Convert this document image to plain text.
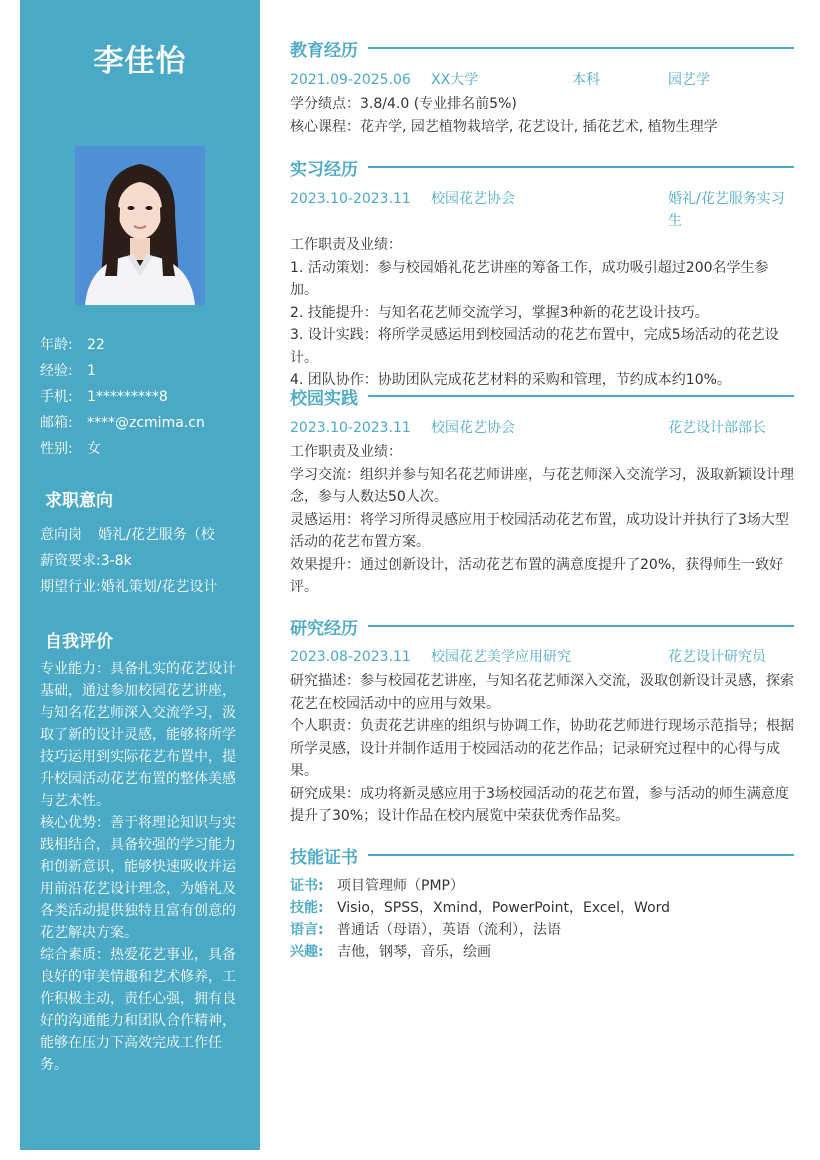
李佳怡
年龄: 22
经验: 1
手机: 1*********8
邮箱: ****@zcmima.cn
性别: 女
求职意向
意向岗 婚礼/花艺服务（校
薪资要求:3-8k
期望行业:婚礼策划/花艺设计
自我评价

专业能力：具备扎实的花艺设计基础，通过参加校园花艺讲座，与知名花艺师深入交流学习，汲取了新的设计灵感，能够将所学技巧运用到实际花艺布置中，提升校园活动花艺布置的整体美感与艺术性。

核心优势：善于将理论知识与实践相结合，具备较强的学习能力和创新意识，能够快速吸收并运用前沿花艺设计理念，为婚礼及各类活动提供独特且富有创意的花艺解决方案。

综合素质：热爱花艺事业，具备良好的审美情趣和艺术修养，工作积极主动，责任心强，拥有良好的沟通能力和团队合作精神，能够在压力下高效完成工作任务。

教育经历
2021.09-2025.06 XX大学	本科	园艺学
学分绩点：3.8/4.0 (专业排名前5%)
核心课程：花卉学, 园艺植物栽培学, 花艺设计, 插花艺术, 植物生理学
实习经历
2023.10-2023.11 校园花艺协会	婚礼/花艺服务实习生
工作职责及业绩：
1. 活动策划：参与校园婚礼花艺讲座的筹备工作，成功吸引超过200名学生参加。
2. 技能提升：与知名花艺师交流学习，掌握3种新的花艺设计技巧。
3. 设计实践：将所学灵感运用到校园活动的花艺布置中，完成5场活动的花艺设计。
4. 团队协作：协助团队完成花艺材料的采购和管理，节约成本约10%。
校园实践
2023.10-2023.11 校园花艺协会	花艺设计部部长
工作职责及业绩：
学习交流：组织并参与知名花艺师讲座，与花艺师深入交流学习，汲取新颖设计理念，参与人数达50人次。
灵感运用：将学习所得灵感应用于校园活动花艺布置，成功设计并执行了3场大型活动的花艺布置方案。
效果提升：通过创新设计，活动花艺布置的满意度提升了20%，获得师生一致好评。
研究经历
2023.08-2023.11 校园花艺美学应用研究	花艺设计研究员
研究描述：参与校园花艺讲座，与知名花艺师深入交流，汲取创新设计灵感，探索花艺在校园活动中的应用与效果。
个人职责：负责花艺讲座的组织与协调工作，协助花艺师进行现场示范指导；根据所学灵感，设计并制作适用于校园活动的花艺作品；记录研究过程中的心得与成果。
研究成果：成功将新灵感应用于3场校园活动的花艺布置，参与活动的师生满意度提升了30%；设计作品在校内展览中荣获优秀作品奖。
技能证书
证书: 项目管理师（PMP）
技能: Visio，SPSS，Xmind，PowerPoint，Excel，Word
语言: 普通话（母语），英语（流利），法语
兴趣: 吉他，钢琴，音乐，绘画
